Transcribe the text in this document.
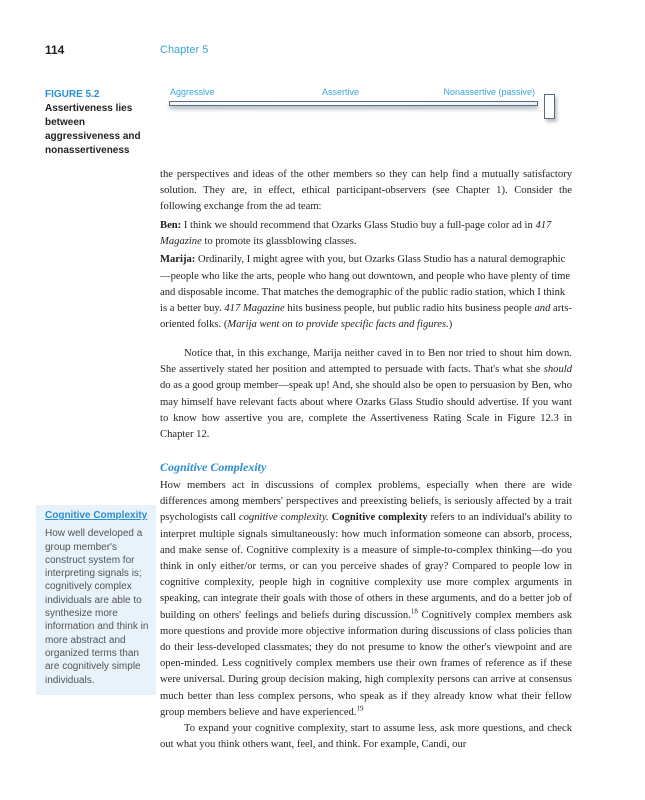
114	Chapter 5
FIGURE 5.2
Assertiveness lies between aggressiveness and nonassertiveness
Aggressive	Assertive	Nonassertive (passive)

the perspectives and ideas of the other members so they can help find a mutually satisfactory solution. They are, in effect, ethical participant-observers (see Chapter 1). Consider the following exchange from the ad team:

Ben: I think we should recommend that Ozarks Glass Studio buy a full-page color ad in 417 Magazine to promote its glassblowing classes.

Marija: Ordinarily, I might agree with you, but Ozarks Glass Studio has a natural demographic—people who like the arts, people who hang out downtown, and people who have plenty of time and disposable income. That matches the demographic of the public radio station, which I think is a better buy. 417 Magazine hits business people, but public radio hits business people and arts-oriented folks. (Marija went on to provide specific facts and figures.)

Notice that, in this exchange, Marija neither caved in to Ben nor tried to shout him down. She assertively stated her position and attempted to persuade with facts. That's what she should do as a good group member—speak up! And, she should also be open to persuasion by Ben, who may himself have relevant facts about where Ozarks Glass Studio should advertise. If you want to know how assertive you are, complete the Assertiveness Rating Scale in Figure 12.3 in Chapter 12.

Cognitive Complexity

How members act in discussions of complex problems, especially when there are wide differences among members' perspectives and preexisting beliefs, is seriously affected by a trait psychologists call cognitive complexity. Cognitive complexity refers to an individual's ability to interpret multiple signals simultaneously: how much information someone can absorb, process, and make sense of. Cognitive complexity is a measure of simple-to-complex thinking—do you think in only either/or terms, or can you perceive shades of gray? Compared to people low in cognitive complexity, people high in cognitive complexity use more complex arguments in speaking, can integrate their goals with those of others in these arguments, and do a better job of building on others' feelings and beliefs during discussion.$^{18}$ Cognitively complex members ask more questions and provide more objective information during discussions of class policies than do their less-developed classmates; they do not presume to know the other's viewpoint and are open-minded. Less cognitively complex members use their own frames of reference as if these were universal. During group decision making, high complexity persons can arrive at consensus much better than less complex persons, who speak as if they already know what their fellow group members believe and have experienced.$^{19}$

To expand your cognitive complexity, start to assume less, ask more questions, and check out what you think others want, feel, and think. For example, Candi, our

Cognitive Complexity
How well developed a group member's construct system for interpreting signals is; cognitively complex individuals are able to synthesize more information and think in more abstract and organized terms than are cognitively simple individuals.
